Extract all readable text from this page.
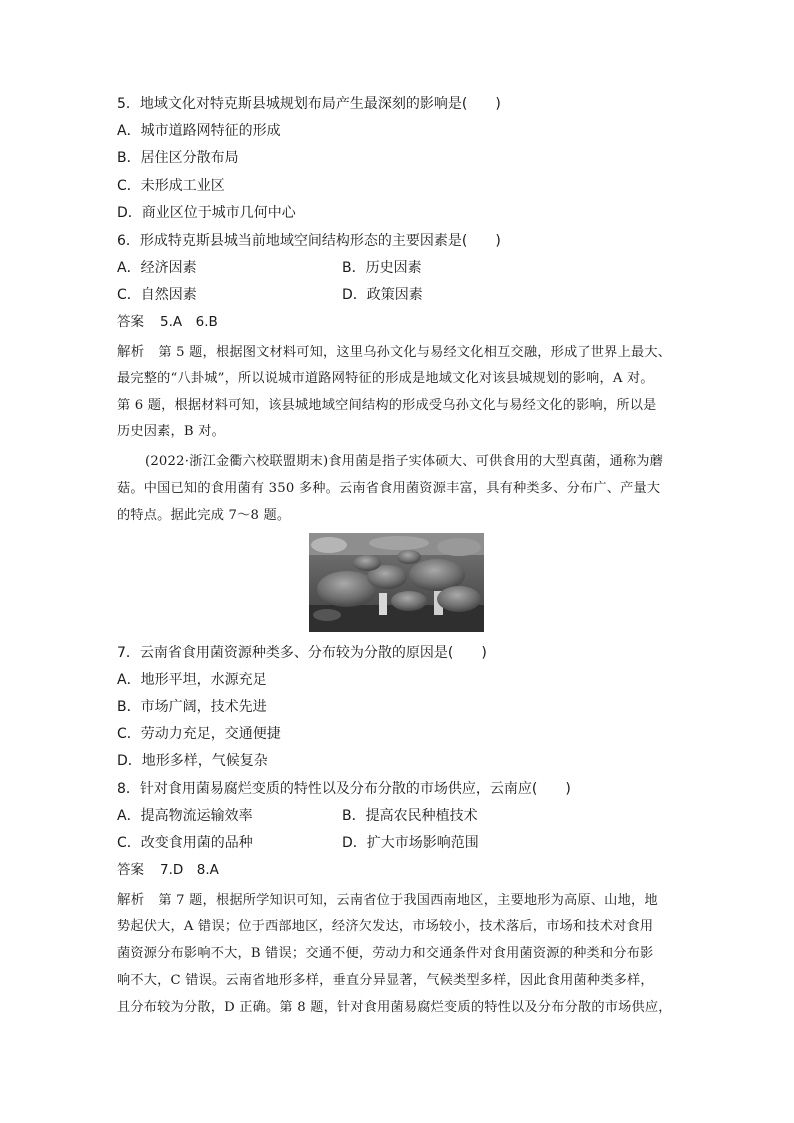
5．地域文化对特克斯县城规划布局产生最深刻的影响是(　　)
A．城市道路网特征的形成
B．居住区分散布局
C．未形成工业区
D．商业区位于城市几何中心
6．形成特克斯县城当前地域空间结构形态的主要因素是(　　)
A．经济因素	B．历史因素
C．自然因素	D．政策因素
答案 5.A　6.B
解析 第 5 题，根据图文材料可知，这里乌孙文化与易经文化相互交融，形成了世界上最大、
最完整的“八卦城”，所以说城市道路网特征的形成是地域文化对该县城规划的影响，A 对。
第 6 题，根据材料可知，该县城地域空间结构的形成受乌孙文化与易经文化的影响，所以是
历史因素，B 对。
(2022·浙江金衢六校联盟期末)食用菌是指子实体硕大、可供食用的大型真菌，通称为蘑
菇。中国已知的食用菌有 350 多种。云南省食用菌资源丰富，具有种类多、分布广、产量大
的特点。据此完成 7～8 题。
7．云南省食用菌资源种类多、分布较为分散的原因是(　　)
A．地形平坦，水源充足
B．市场广阔，技术先进
C．劳动力充足，交通便捷
D．地形多样，气候复杂
8．针对食用菌易腐烂变质的特性以及分布分散的市场供应，云南应(　　)
A．提高物流运输效率	B．提高农民种植技术
C．改变食用菌的品种	D．扩大市场影响范围
答案 7.D　8.A
解析 第 7 题，根据所学知识可知，云南省位于我国西南地区，主要地形为高原、山地，地
势起伏大，A 错误；位于西部地区，经济欠发达，市场较小，技术落后，市场和技术对食用
菌资源分布影响不大，B 错误；交通不便，劳动力和交通条件对食用菌资源的种类和分布影
响不大，C 错误。云南省地形多样，垂直分异显著，气候类型多样，因此食用菌种类多样，
且分布较为分散，D 正确。第 8 题，针对食用菌易腐烂变质的特性以及分布分散的市场供应，
